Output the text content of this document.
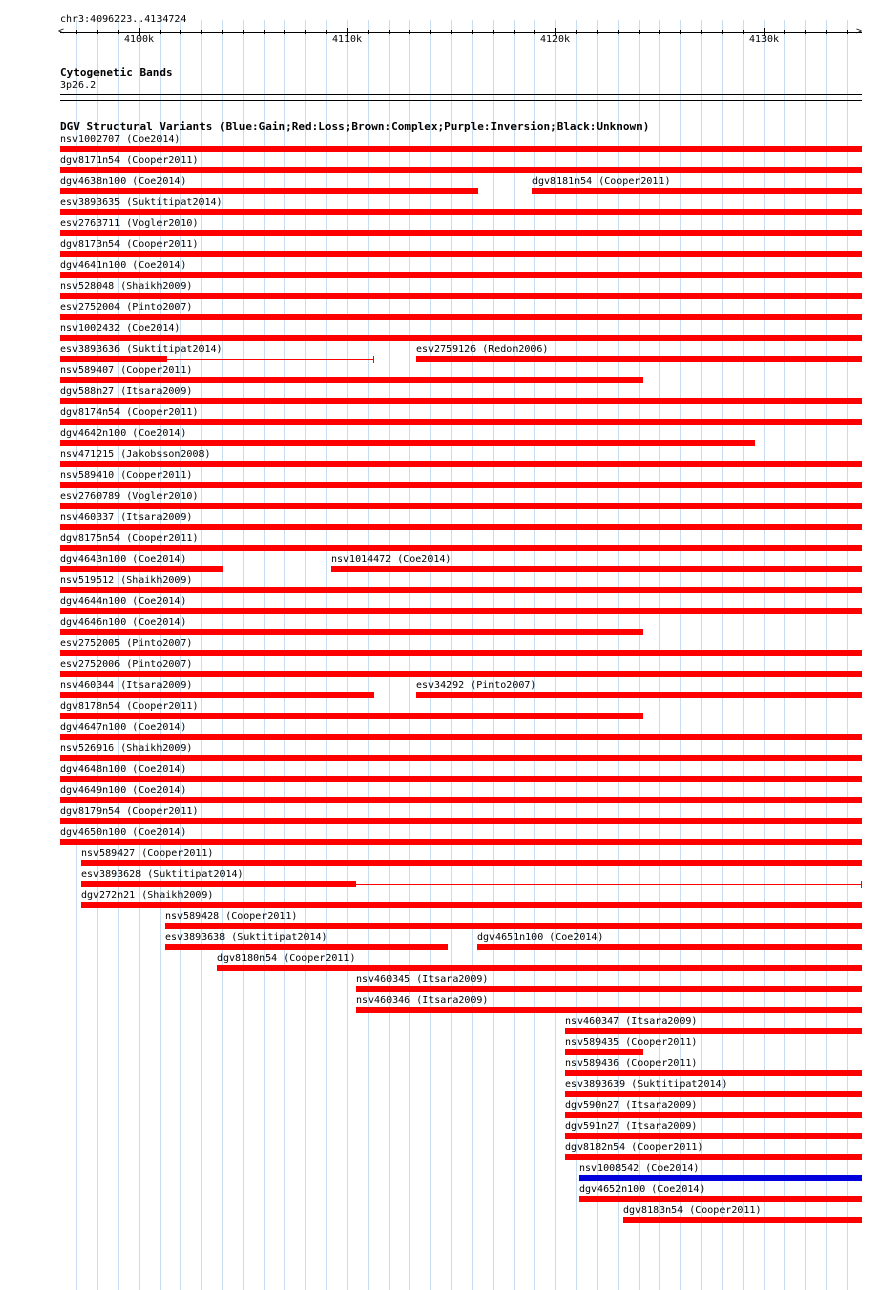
chr3:4096223..4134724
<	>
4100k	4110k	4120k	4130k
Cytogenetic Bands
3p26.2
DGV Structural Variants (Blue:Gain;Red:Loss;Brown:Complex;Purple:Inversion;Black:Unknown)
nsv1002707 (Coe2014)
dgv8171n54 (Cooper2011)
dgv4638n100 (Coe2014)	dgv8181n54 (Cooper2011)
esv3893635 (Suktitipat2014)
esv2763711 (Vogler2010)
dgv8173n54 (Cooper2011)
dgv4641n100 (Coe2014)
nsv528048 (Shaikh2009)
esv2752004 (Pinto2007)
nsv1002432 (Coe2014)
esv3893636 (Suktitipat2014)	esv2759126 (Redon2006)
nsv589407 (Cooper2011)
dgv588n27 (Itsara2009)
dgv8174n54 (Cooper2011)
dgv4642n100 (Coe2014)
nsv471215 (Jakobsson2008)
nsv589410 (Cooper2011)
esv2760789 (Vogler2010)
nsv460337 (Itsara2009)
dgv8175n54 (Cooper2011)
dgv4643n100 (Coe2014)	nsv1014472 (Coe2014)
nsv519512 (Shaikh2009)
dgv4644n100 (Coe2014)
dgv4646n100 (Coe2014)
esv2752005 (Pinto2007)
esv2752006 (Pinto2007)
nsv460344 (Itsara2009)	esv34292 (Pinto2007)
dgv8178n54 (Cooper2011)
dgv4647n100 (Coe2014)
nsv526916 (Shaikh2009)
dgv4648n100 (Coe2014)
dgv4649n100 (Coe2014)
dgv8179n54 (Cooper2011)
dgv4650n100 (Coe2014)
nsv589427 (Cooper2011)
esv3893628 (Suktitipat2014)
dgv272n21 (Shaikh2009)
nsv589428 (Cooper2011)
esv3893638 (Suktitipat2014)	dgv4651n100 (Coe2014)
dgv8180n54 (Cooper2011)
nsv460345 (Itsara2009)
nsv460346 (Itsara2009)
nsv460347 (Itsara2009)
nsv589435 (Cooper2011)
nsv589436 (Cooper2011)
esv3893639 (Suktitipat2014)
dgv590n27 (Itsara2009)
dgv591n27 (Itsara2009)
dgv8182n54 (Cooper2011)
nsv1008542 (Coe2014)
dgv4652n100 (Coe2014)
dgv8183n54 (Cooper2011)
